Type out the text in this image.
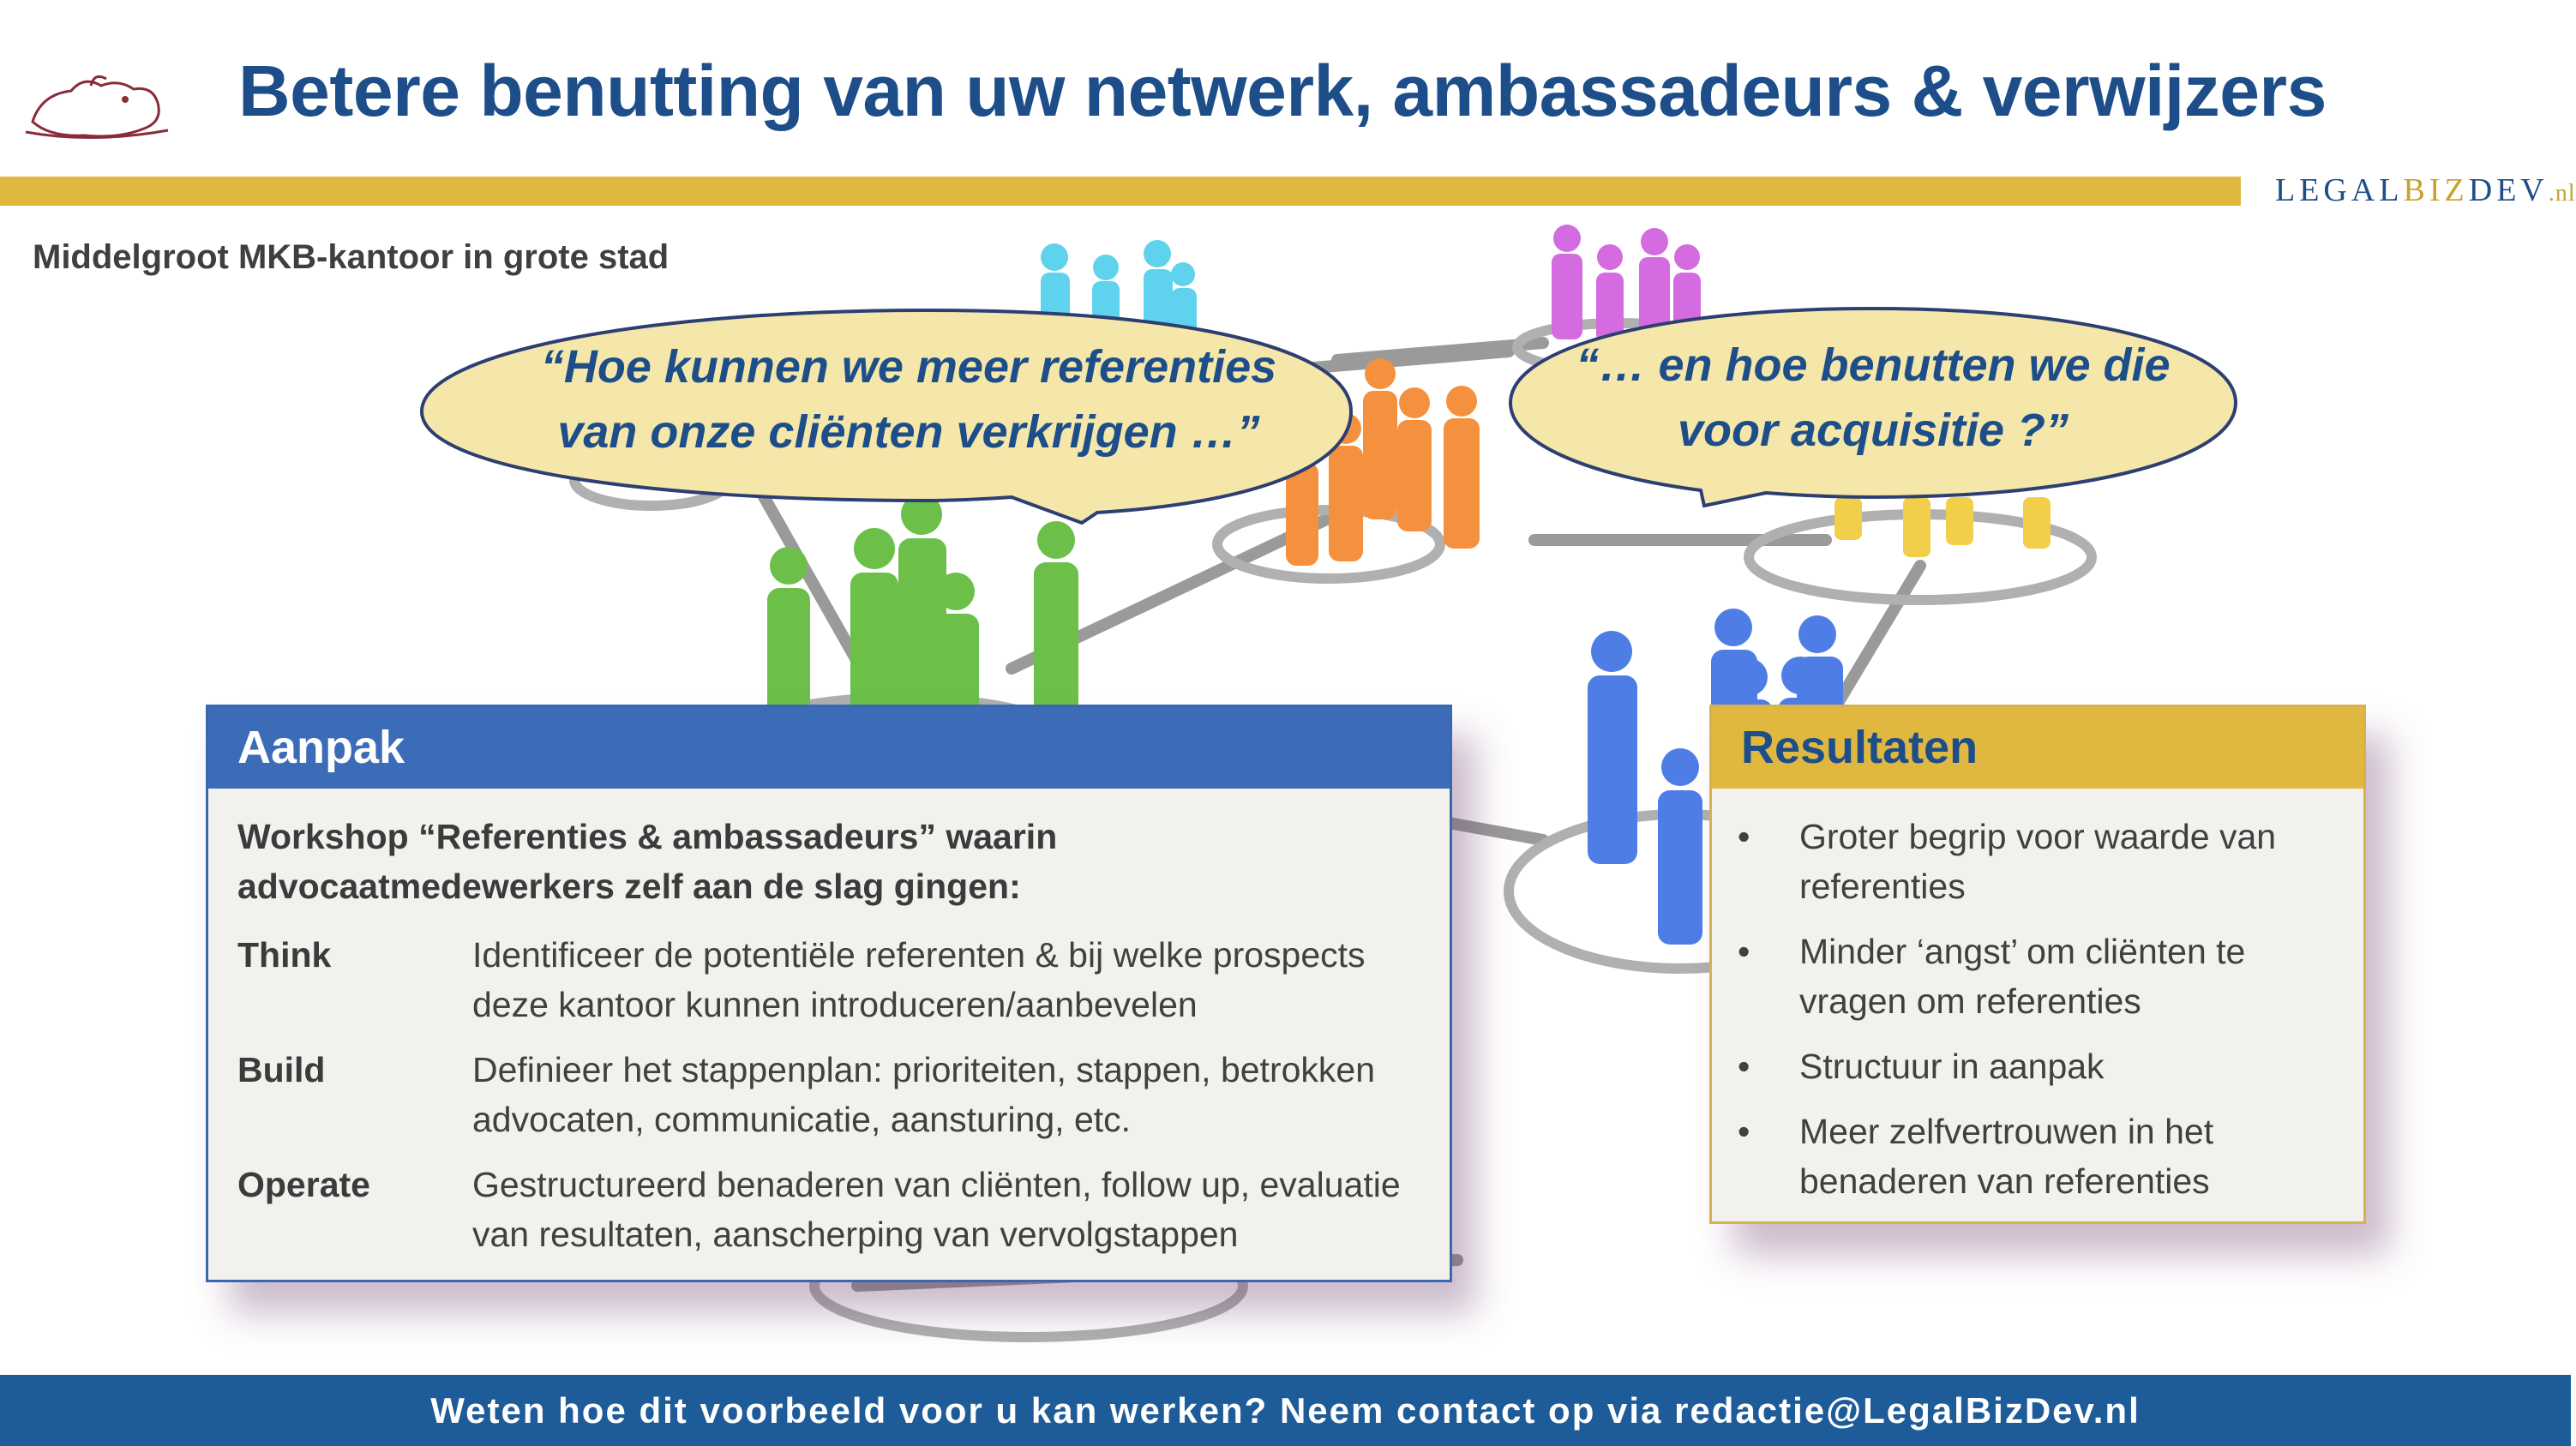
Betere benutting van uw netwerk, ambassadeurs & verwijzers
LEGALBIZDEV.nl
Middelgroot MKB-kantoor in grote stad
“Hoe kunnen we meer referenties
van onze cliënten verkrijgen …”
“… en hoe benutten we die
voor acquisitie ?”
Aanpak
Workshop “Referenties & ambassadeurs” waarin advocaatmedewerkers zelf aan de slag gingen:
Think	Identificeer de potentiële referenten & bij welke prospects deze kantoor kunnen introduceren/aanbevelen
Build	Definieer het stappenplan: prioriteiten, stappen, betrokken advocaten, communicatie, aansturing, etc.
Operate	Gestructureerd benaderen van cliënten, follow up, evaluatie van resultaten, aanscherping van vervolgstappen
Resultaten
• Groter begrip voor waarde van referenties
• Minder ‘angst’ om cliënten te vragen om referenties
• Structuur in aanpak
• Meer zelfvertrouwen in het benaderen van referenties
Weten hoe dit voorbeeld voor u kan werken? Neem contact op via redactie@LegalBizDev.nl
